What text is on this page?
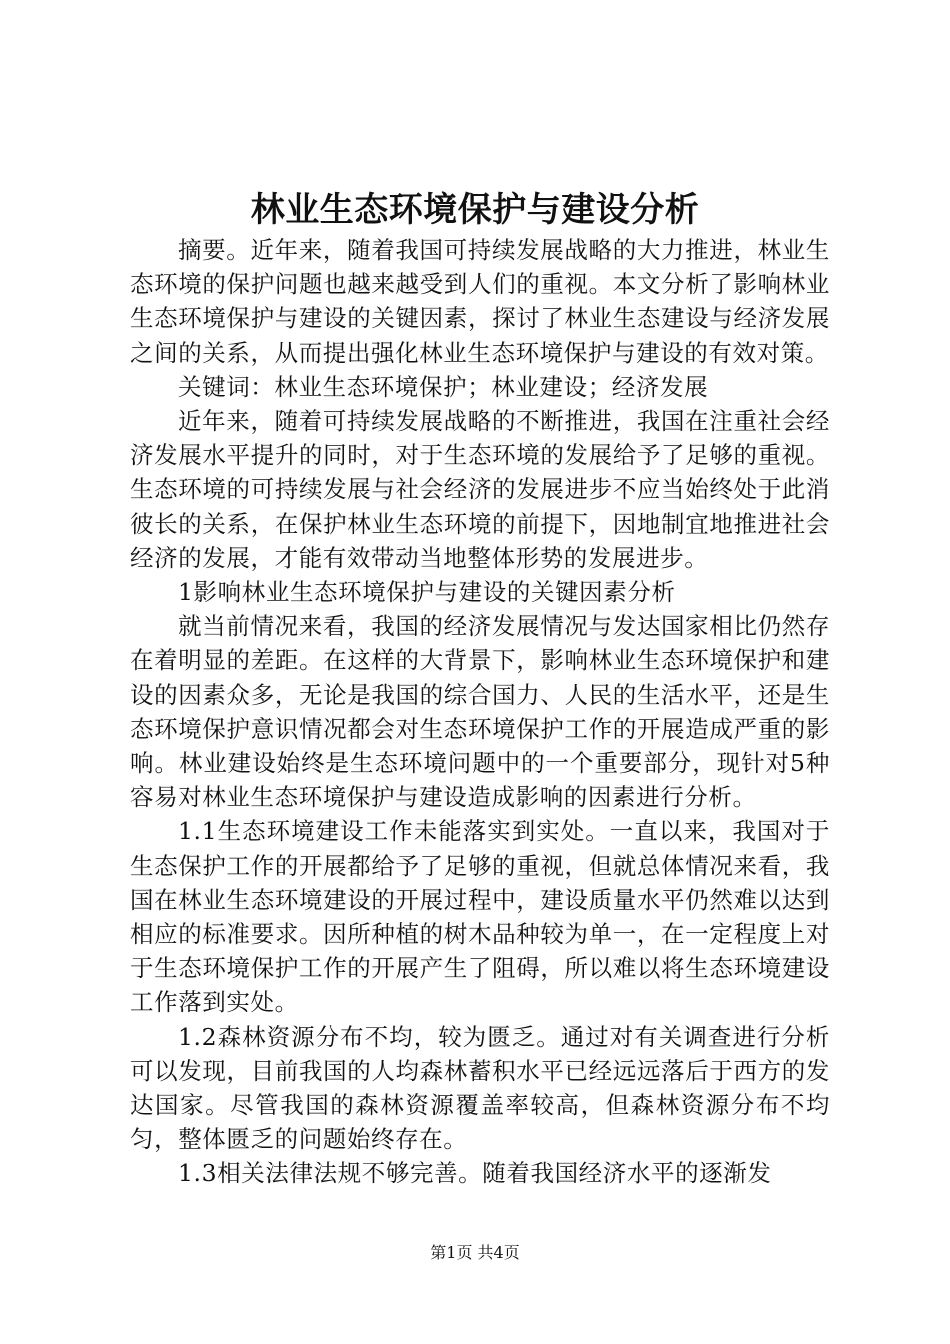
林业生态环境保护与建设分析

摘要。近年来，随着我国可持续发展战略的大力推进，林业生态环境的保护问题也越来越受到人们的重视。本文分析了影响林业生态环境保护与建设的关键因素，探讨了林业生态建设与经济发展之间的关系，从而提出强化林业生态环境保护与建设的有效对策。

关键词：林业生态环境保护；林业建设；经济发展

近年来，随着可持续发展战略的不断推进，我国在注重社会经济发展水平提升的同时，对于生态环境的发展给予了足够的重视。生态环境的可持续发展与社会经济的发展进步不应当始终处于此消彼长的关系，在保护林业生态环境的前提下，因地制宜地推进社会经济的发展，才能有效带动当地整体形势的发展进步。

1影响林业生态环境保护与建设的关键因素分析

就当前情况来看，我国的经济发展情况与发达国家相比仍然存在着明显的差距。在这样的大背景下，影响林业生态环境保护和建设的因素众多，无论是我国的综合国力、人民的生活水平，还是生态环境保护意识情况都会对生态环境保护工作的开展造成严重的影响。林业建设始终是生态环境问题中的一个重要部分，现针对5种容易对林业生态环境保护与建设造成影响的因素进行分析。

1.1生态环境建设工作未能落实到实处。一直以来，我国对于生态保护工作的开展都给予了足够的重视，但就总体情况来看，我国在林业生态环境建设的开展过程中，建设质量水平仍然难以达到相应的标准要求。因所种植的树木品种较为单一，在一定程度上对于生态环境保护工作的开展产生了阻碍，所以难以将生态环境建设工作落到实处。

1.2森林资源分布不均，较为匮乏。通过对有关调查进行分析可以发现，目前我国的人均森林蓄积水平已经远远落后于西方的发达国家。尽管我国的森林资源覆盖率较高，但森林资源分布不均匀，整体匮乏的问题始终存在。

1.3相关法律法规不够完善。随着我国经济水平的逐渐发

第1页 共4页
